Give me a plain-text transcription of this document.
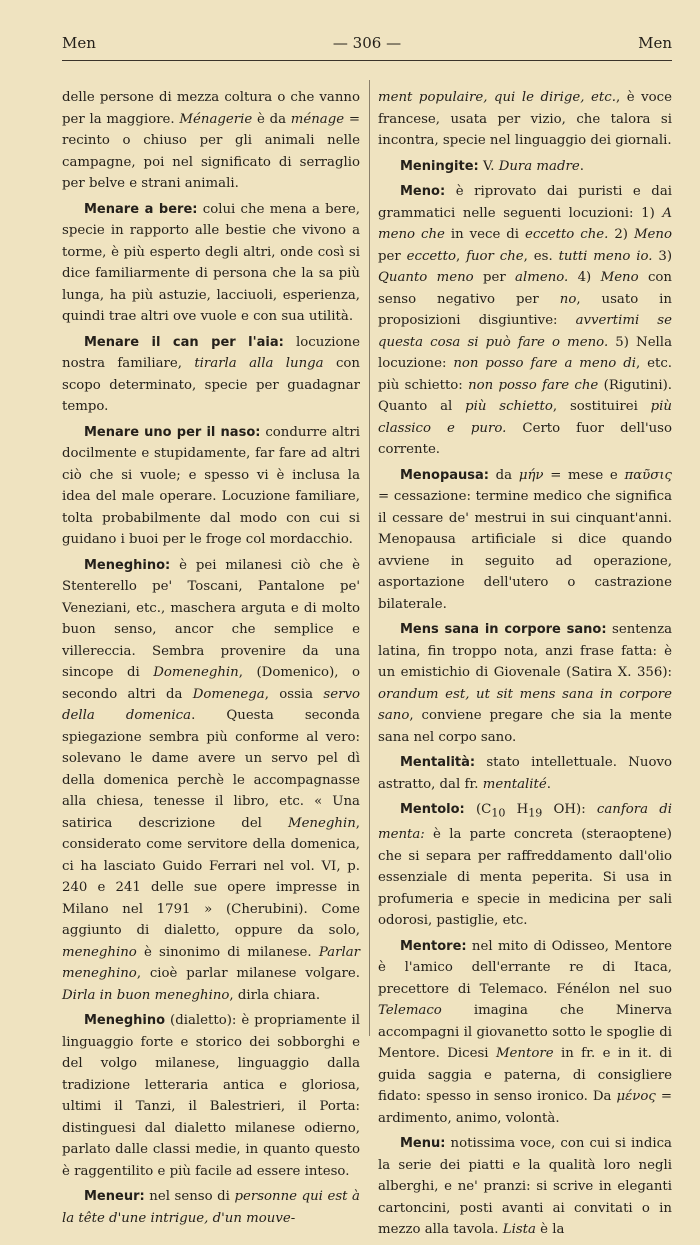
Men	— 306 —	Men

delle persone di mezza coltura o che vanno per la maggiore. Ménagerie è da ménage = recinto o chiuso per gli animali nelle campagne, poi nel significato di serraglio per belve e strani animali.

Menare a bere: colui che mena a bere, specie in rapporto alle bestie che vivono a torme, è più esperto degli altri, onde così si dice familiarmente di persona che la sa più lunga, ha più astuzie, lacciuoli, esperienza, quindi trae altri ove vuole e con sua utilità.

Menare il can per l'aia: locuzione nostra familiare, tirarla alla lunga con scopo determinato, specie per guadagnar tempo.

Menare uno per il naso: condurre altri docilmente e stupidamente, far fare ad altri ciò che si vuole; e spesso vi è inclusa la idea del male operare. Locuzione familiare, tolta probabilmente dal modo con cui si guidano i buoi per le froge col mordacchio.

Meneghino: è pei milanesi ciò che è Stenterello pe' Toscani, Pantalone pe' Veneziani, etc., maschera arguta e di molto buon senso, ancor che semplice e villereccia. Sembra provenire da una sincope di Domeneghin, (Domenico), o secondo altri da Domenega, ossia servo della domenica. Questa seconda spiegazione sembra più conforme al vero: solevano le dame avere un servo pel dì della domenica perchè le accompagnasse alla chiesa, tenesse il libro, etc. « Una satirica descrizione del Meneghin, considerato come servitore della domenica, ci ha lasciato Guido Ferrari nel vol. VI, p. 240 e 241 delle sue opere impresse in Milano nel 1791 » (Cherubini). Come aggiunto di dialetto, oppure da solo, meneghino è sinonimo di milanese. Parlar meneghino, cioè parlar milanese volgare. Dirla in buon meneghino, dirla chiara.

Meneghino (dialetto): è propriamente il linguaggio forte e storico dei sobborghi e del volgo milanese, linguaggio dalla tradizione letteraria antica e gloriosa, ultimi il Tanzi, il Balestrieri, il Porta: distinguesi dal dialetto milanese odierno, parlato dalle classi medie, in quanto questo è raggentilito e più facile ad essere inteso.

Meneur: nel senso di personne qui est à la tête d'une intrigue, d'un mouve-

ment populaire, qui le dirige, etc., è voce francese, usata per vizio, che talora si incontra, specie nel linguaggio dei giornali.

Meningite: V. Dura madre.

Meno: è riprovato dai puristi e dai grammatici nelle seguenti locuzioni: 1) A meno che in vece di eccetto che. 2) Meno per eccetto, fuor che, es. tutti meno io. 3) Quanto meno per almeno. 4) Meno con senso negativo per no, usato in proposizioni disgiuntive: avvertimi se questa cosa si può fare o meno. 5) Nella locuzione: non posso fare a meno di, etc. più schietto: non posso fare che (Rigutini). Quanto al più schietto, sostituirei più classico e puro. Certo fuor dell'uso corrente.

Menopausa: da μήν = mese e παῦσις = cessazione: termine medico che significa il cessare de' mestrui in sui cinquant'anni. Menopausa artificiale si dice quando avviene in seguito ad operazione, asportazione dell'utero o castrazione bilaterale.

Mens sana in corpore sano: sentenza latina, fin troppo nota, anzi frase fatta: è un emistichio di Giovenale (Satira X. 356): orandum est, ut sit mens sana in corpore sano, conviene pregare che sia la mente sana nel corpo sano.

Mentalità: stato intellettuale. Nuovo astratto, dal fr. mentalité.

Mentolo: ($C_{10}$ $H_{19}$ OH): canfora di menta: è la parte concreta (steraoptene) che si separa per raffreddamento dall'olio essenziale di menta peperita. Si usa in profumeria e specie in medicina per sali odorosi, pastiglie, etc.

Mentore: nel mito di Odisseo, Mentore è l'amico dell'errante re di Itaca, precettore di Telemaco. Fénélon nel suo Telemaco imagina che Minerva accompagni il giovanetto sotto le spoglie di Mentore. Dicesi Mentore in fr. e in it. di guida saggia e paterna, di consigliere fidato: spesso in senso ironico. Da μένος = ardimento, animo, volontà.

Menu: notissima voce, con cui si indica la serie dei piatti e la qualità loro negli alberghi, e ne' pranzi: si scrive in eleganti cartoncini, posti avanti ai convitati o in mezzo alla tavola. Lista è la
